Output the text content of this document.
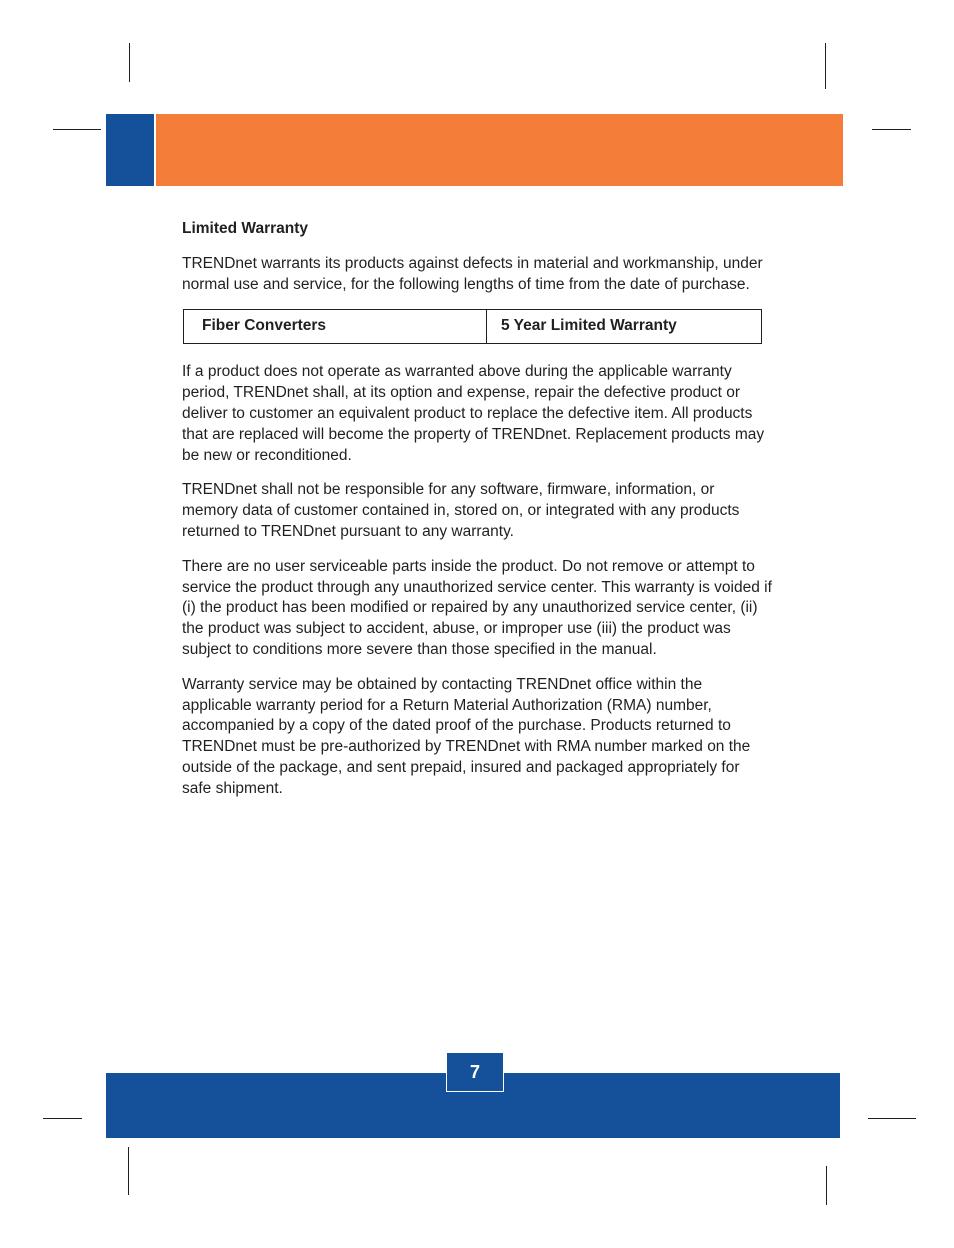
Limited Warranty

TRENDnet warrants its products against defects in material and workmanship, under normal use and service, for the following lengths of time from the date of purchase.

Fiber Converters	5 Year Limited Warranty

If a product does not operate as warranted above during the applicable warranty period, TRENDnet shall, at its option and expense, repair the defective product or deliver to customer an equivalent product to replace the defective item. All products that are replaced will become the property of TRENDnet. Replacement products may be new or reconditioned.

TRENDnet shall not be responsible for any software, firmware, information, or memory data of customer contained in, stored on, or integrated with any products returned to TRENDnet pursuant to any warranty.

There are no user serviceable parts inside the product. Do not remove or attempt to service the product through any unauthorized service center. This warranty is voided if (i) the product has been modified or repaired by any unauthorized service center, (ii) the product was subject to accident, abuse, or improper use (iii) the product was subject to conditions more severe than those specified in the manual.

Warranty service may be obtained by contacting TRENDnet office within the applicable warranty period for a Return Material Authorization (RMA) number, accompanied by a copy of the dated proof of the purchase. Products returned to TRENDnet must be pre-authorized by TRENDnet with RMA number marked on the outside of the package, and sent prepaid, insured and packaged appropriately for safe shipment.

7
